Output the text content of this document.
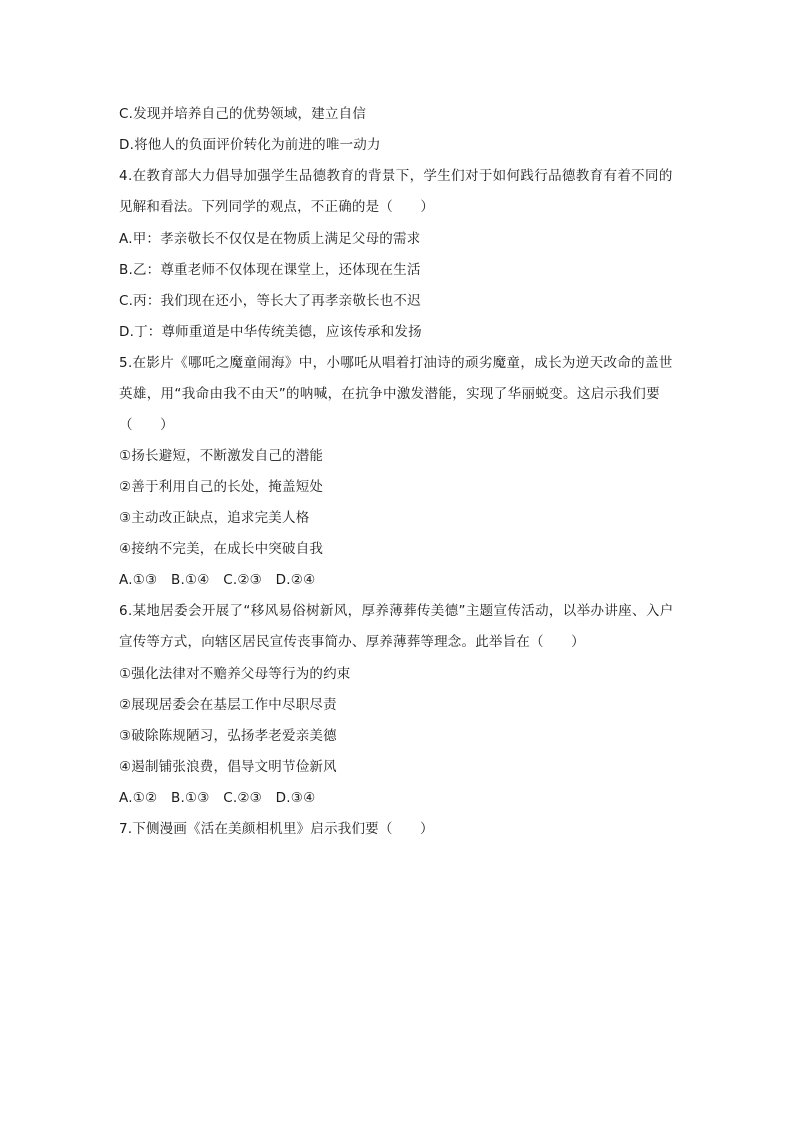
C.发现并培养自己的优势领域，建立自信
D.将他人的负面评价转化为前进的唯一动力
4.在教育部大力倡导加强学生品德教育的背景下，学生们对于如何践行品德教育有着不同的
见解和看法。下列同学的观点，不正确的是（　　）
A.甲：孝亲敬长不仅仅是在物质上满足父母的需求
B.乙：尊重老师不仅体现在课堂上，还体现在生活
C.丙：我们现在还小，等长大了再孝亲敬长也不迟
D.丁：尊师重道是中华传统美德，应该传承和发扬
5.在影片《哪吒之魔童闹海》中，小哪吒从唱着打油诗的顽劣魔童，成长为逆天改命的盖世
英雄，用“我命由我不由天”的呐喊，在抗争中激发潜能，实现了华丽蜕变。这启示我们要
（　　）
①扬长避短，不断激发自己的潜能
②善于利用自己的长处，掩盖短处
③主动改正缺点，追求完美人格
④接纳不完美，在成长中突破自我
A.①③　B.①④　C.②③　D.②④
6.某地居委会开展了“移风易俗树新风，厚养薄葬传美德”主题宣传活动，以举办讲座、入户
宣传等方式，向辖区居民宣传丧事简办、厚养薄葬等理念。此举旨在（　　）
①强化法律对不赡养父母等行为的约束
②展现居委会在基层工作中尽职尽责
③破除陈规陋习，弘扬孝老爱亲美德
④遏制铺张浪费，倡导文明节俭新风
A.①②　B.①③　C.②③　D.③④
7.下侧漫画《活在美颜相机里》启示我们要（　　）
